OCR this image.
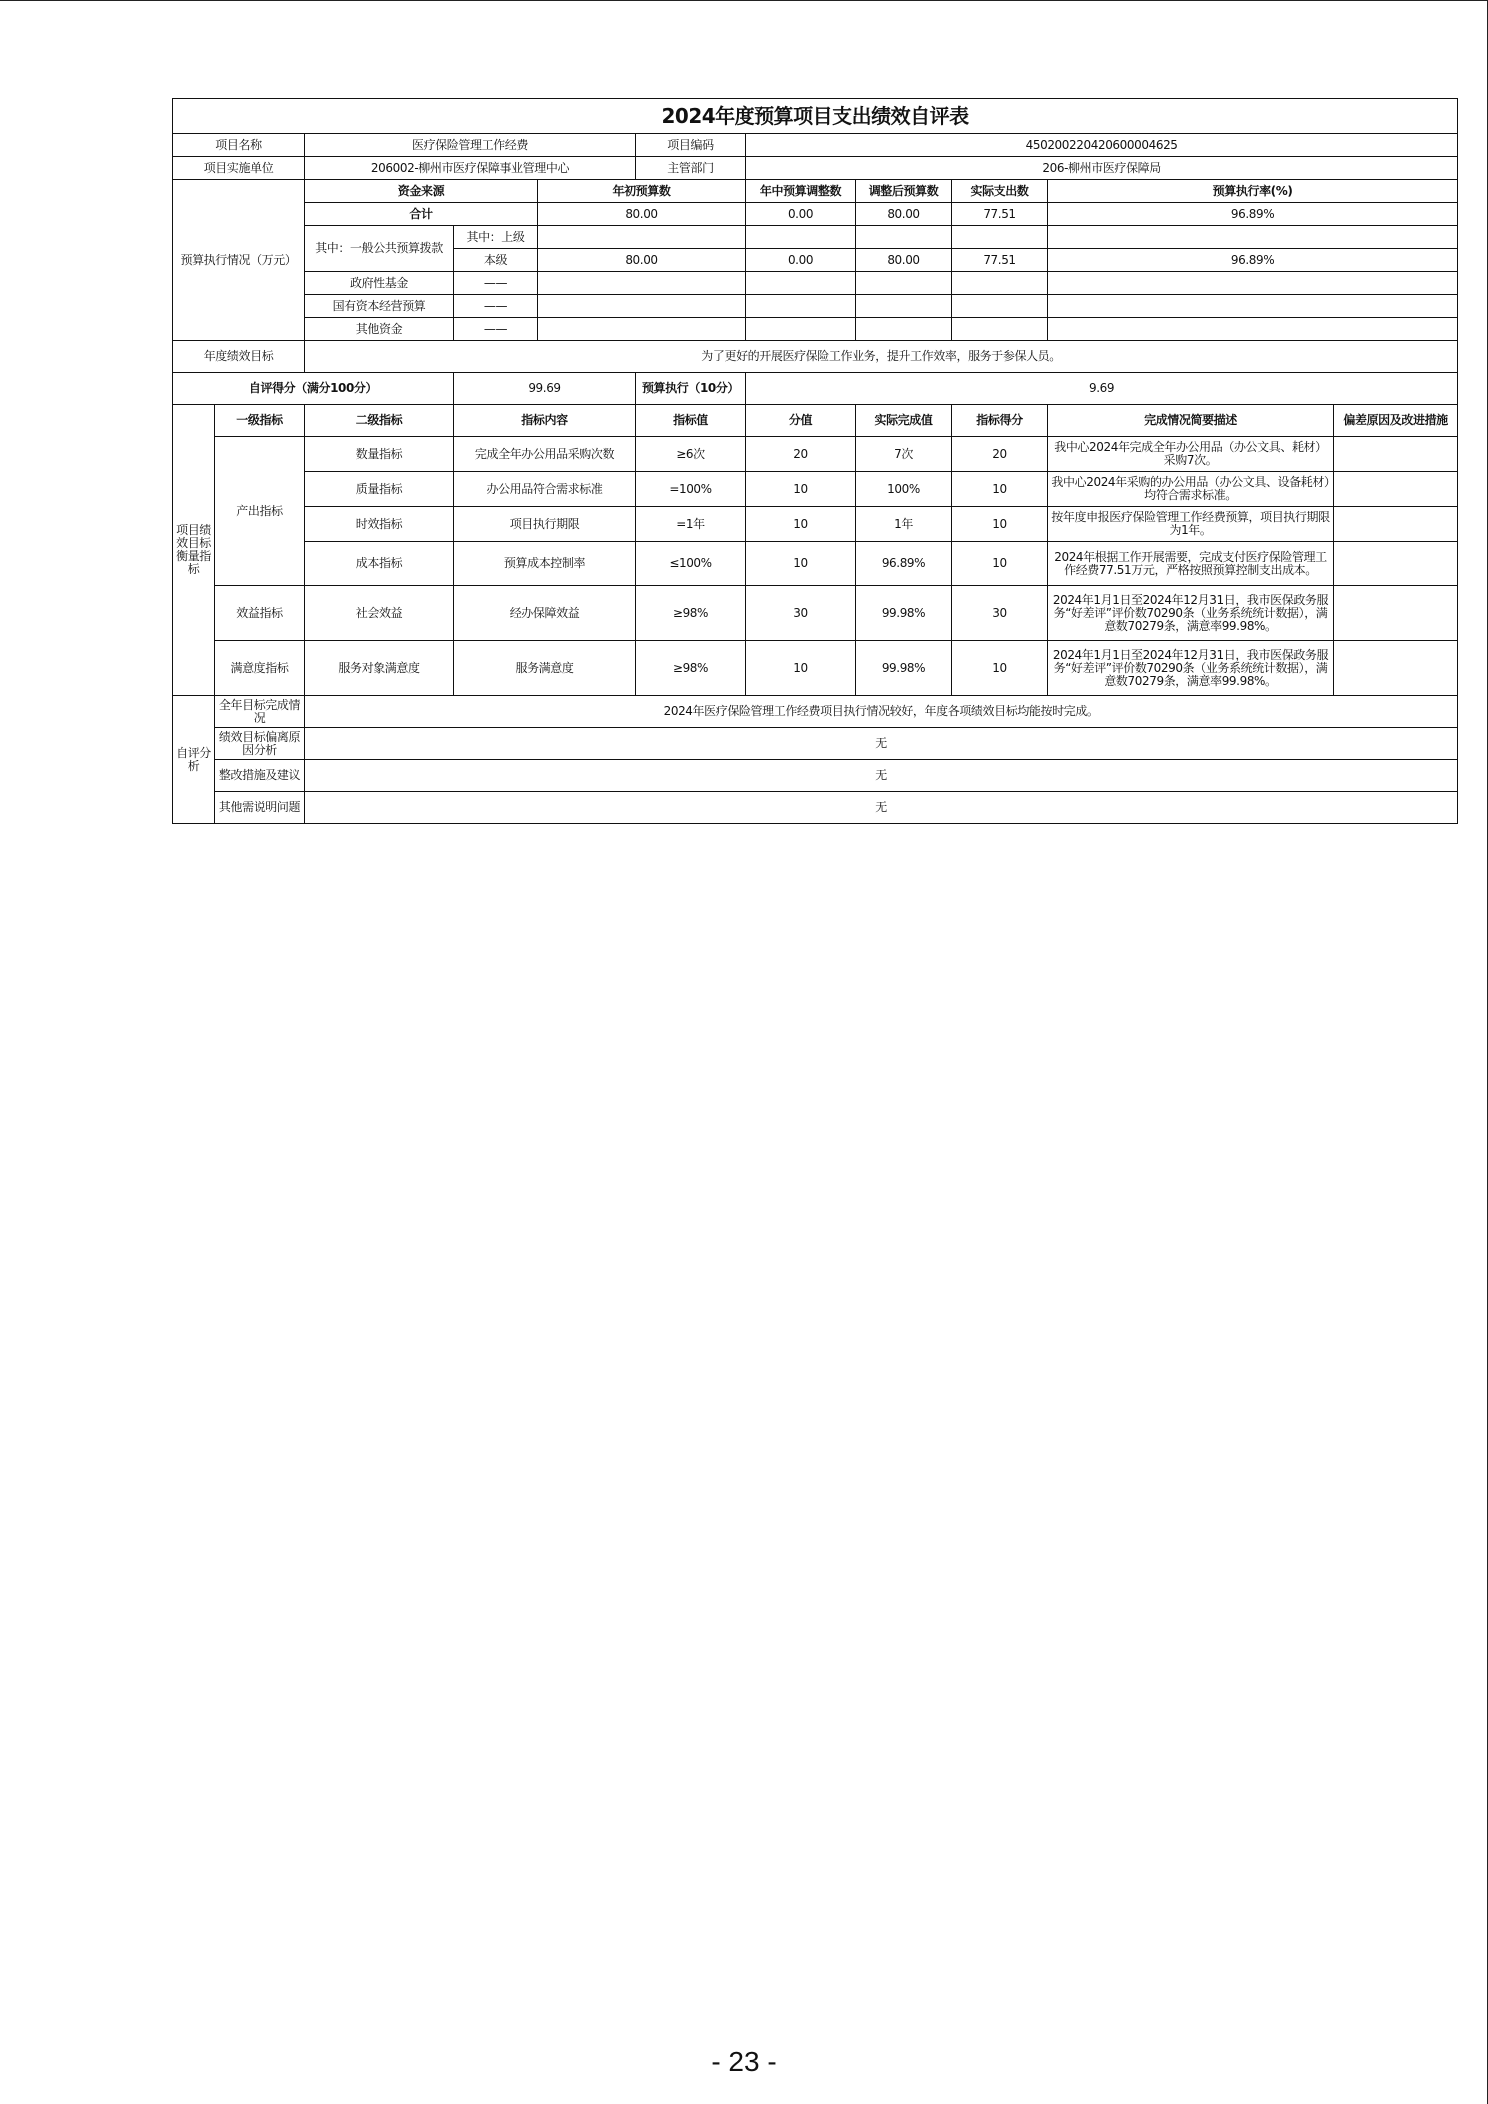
2024年度预算项目支出绩效自评表										
项目名称		医疗保险管理工作经费			项目编码	450200220420600004625				
项目实施单位		206002-柳州市医疗保障事业管理中心			主管部门	206-柳州市医疗保障局				
预算执行情况（万元）		资金来源		年初预算数		年中预算调整数	调整后预算数	实际支出数	预算执行率(%)	
		合计		80.00		0.00	80.00	77.51	96.89%	
		其中：一般公共预算拨款	其中：上级							
			本级	80.00		0.00	80.00	77.51	96.89%	
		政府性基金	——							
		国有资本经营预算	——							
		其他资金	——							
年度绩效目标		为了更好的开展医疗保险工作业务，提升工作效率，服务于参保人员。								
自评得分（满分100分）			99.69		预算执行（10分）	9.69				
项目绩效目标衡量指标	一级指标	二级指标	指标内容		指标值	分值	实际完成值	指标得分	完成情况简要描述	偏差原因及改进措施
	产出指标	数量指标	完成全年办公用品采购次数		≥6次	20	7次	20	我中心2024年完成全年办公用品（办公文具、耗材）采购7次。	
		质量指标	办公用品符合需求标准		=100%	10	100%	10	我中心2024年采购的办公用品（办公文具、设备耗材）均符合需求标准。	
		时效指标	项目执行期限		=1年	10	1年	10	按年度申报医疗保险管理工作经费预算，项目执行期限为1年。	
		成本指标	预算成本控制率		≤100%	10	96.89%	10	2024年根据工作开展需要，完成支付医疗保险管理工作经费77.51万元，严格按照预算控制支出成本。	
	效益指标	社会效益	经办保障效益		≥98%	30	99.98%	30	2024年1月1日至2024年12月31日，我市医保政务服务“好差评”评价数70290条（业务系统统计数据），满意数70279条，满意率99.98%。	
	满意度指标	服务对象满意度	服务满意度		≥98%	10	99.98%	10	2024年1月1日至2024年12月31日，我市医保政务服务“好差评”评价数70290条（业务系统统计数据），满意数70279条，满意率99.98%。	
自评分析	全年目标完成情况	2024年医疗保险管理工作经费项目执行情况较好，年度各项绩效目标均能按时完成。								
	绩效目标偏离原因分析	无								
	整改措施及建议	无								
	其他需说明问题	无								
- 23 -
